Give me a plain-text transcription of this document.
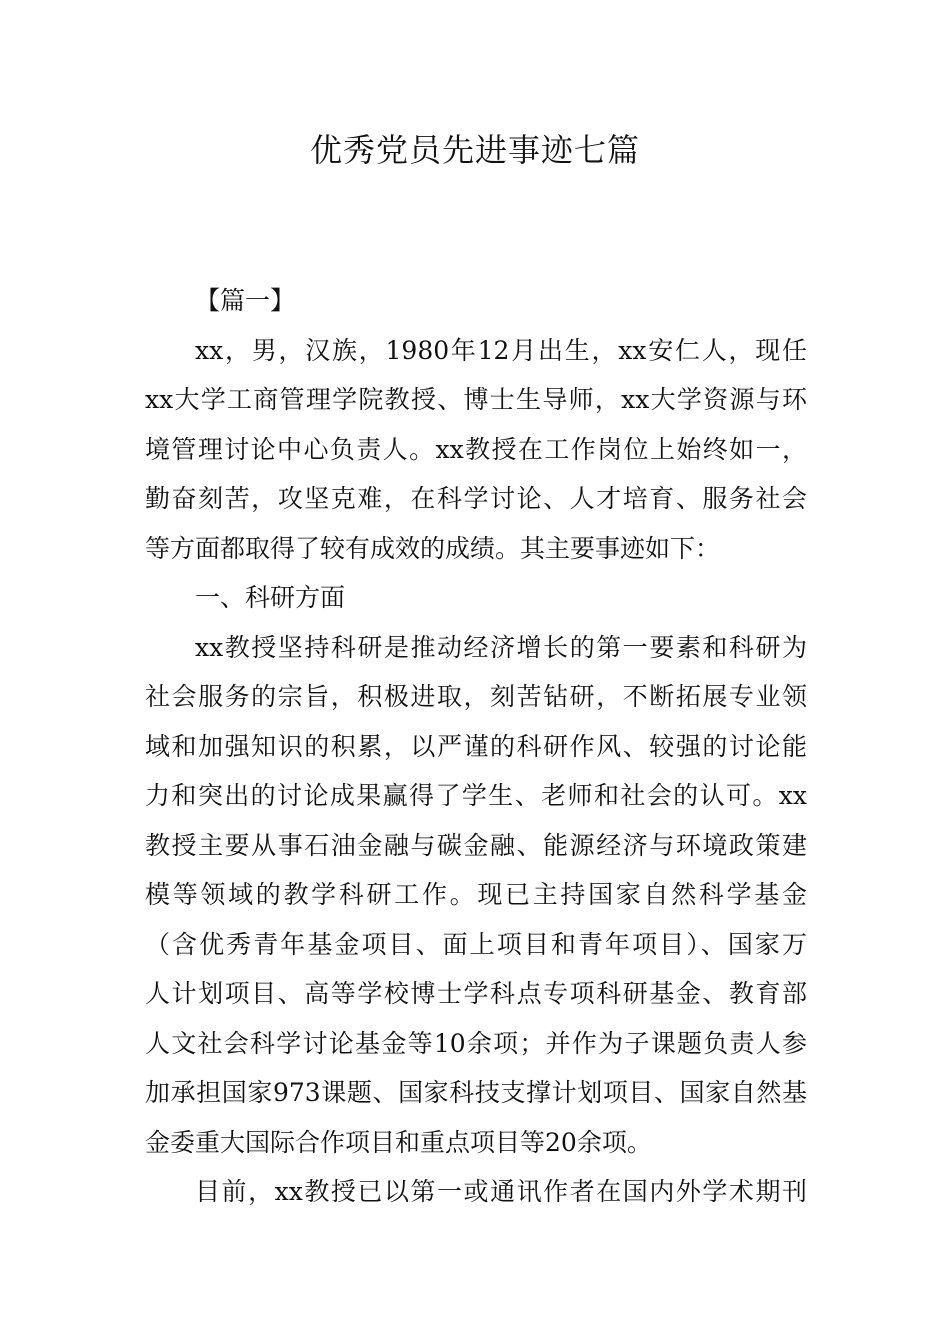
优秀党员先进事迹七篇
【篇一】
xx，男，汉族，1980年12月出生，xx安仁人，现任
xx大学工商管理学院教授、博士生导师，xx大学资源与环
境管理讨论中心负责人。xx教授在工作岗位上始终如一，
勤奋刻苦，攻坚克难，在科学讨论、人才培育、服务社会
等方面都取得了较有成效的成绩。其主要事迹如下：
一、科研方面
xx教授坚持科研是推动经济增长的第一要素和科研为
社会服务的宗旨，积极进取，刻苦钻研，不断拓展专业领
域和加强知识的积累，以严谨的科研作风、较强的讨论能
力和突出的讨论成果赢得了学生、老师和社会的认可。xx
教授主要从事石油金融与碳金融、能源经济与环境政策建
模等领域的教学科研工作。现已主持国家自然科学基金
（含优秀青年基金项目、面上项目和青年项目）、国家万
人计划项目、高等学校博士学科点专项科研基金、教育部
人文社会科学讨论基金等10余项；并作为子课题负责人参
加承担国家973课题、国家科技支撑计划项目、国家自然基
金委重大国际合作项目和重点项目等20余项。
目前，xx教授已以第一或通讯作者在国内外学术期刊
